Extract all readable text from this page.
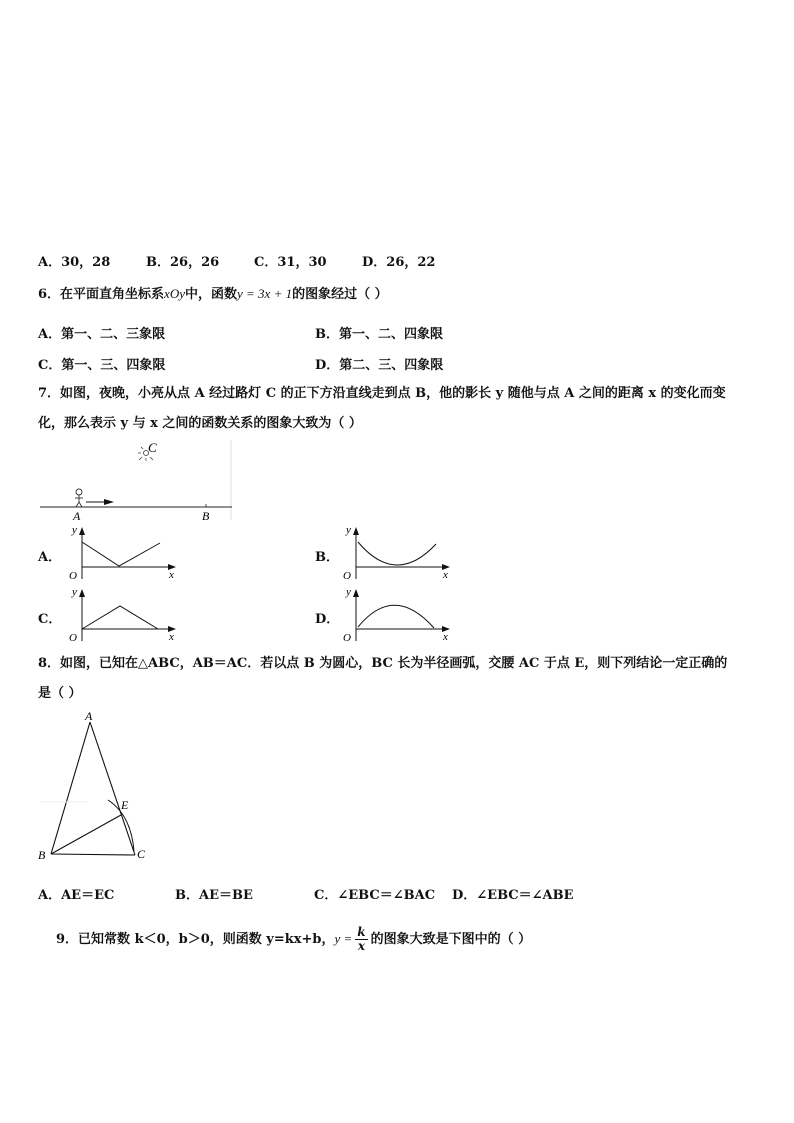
A．30，28	B．26，26	C．31，30	D．26，22
6．在平面直角坐标系xOy中，函数y = 3x + 1的图象经过（ ）
A．第一、二、三象限	B．第一、二、四象限
C．第一、三、四象限	D．第二、三、四象限
7．如图，夜晚，小亮从点 A 经过路灯 C 的正下方沿直线走到点 B，他的影长 y 随他与点 A 之间的距离 x 的变化而变
化，那么表示 y 与 x 之间的函数关系的图象大致为（ ）
C
A	B
A．	B．
C．	D．
y
x
O
y
x
O
y
x
O
y
x
O
8．如图，已知在△ABC，AB＝AC．若以点 B 为圆心，BC 长为半径画弧，交腰 AC 于点 E，则下列结论一定正确的
是（ ）
A
B	C
E
A．AE＝EC	B．AE＝BE	C．∠EBC＝∠BAC D．∠EBC＝∠ABE
9．已知常数 k＜0，b＞0，则函数 y=kx+b，$y = \frac{k}{x}$ 的图象大致是下图中的（ ）
